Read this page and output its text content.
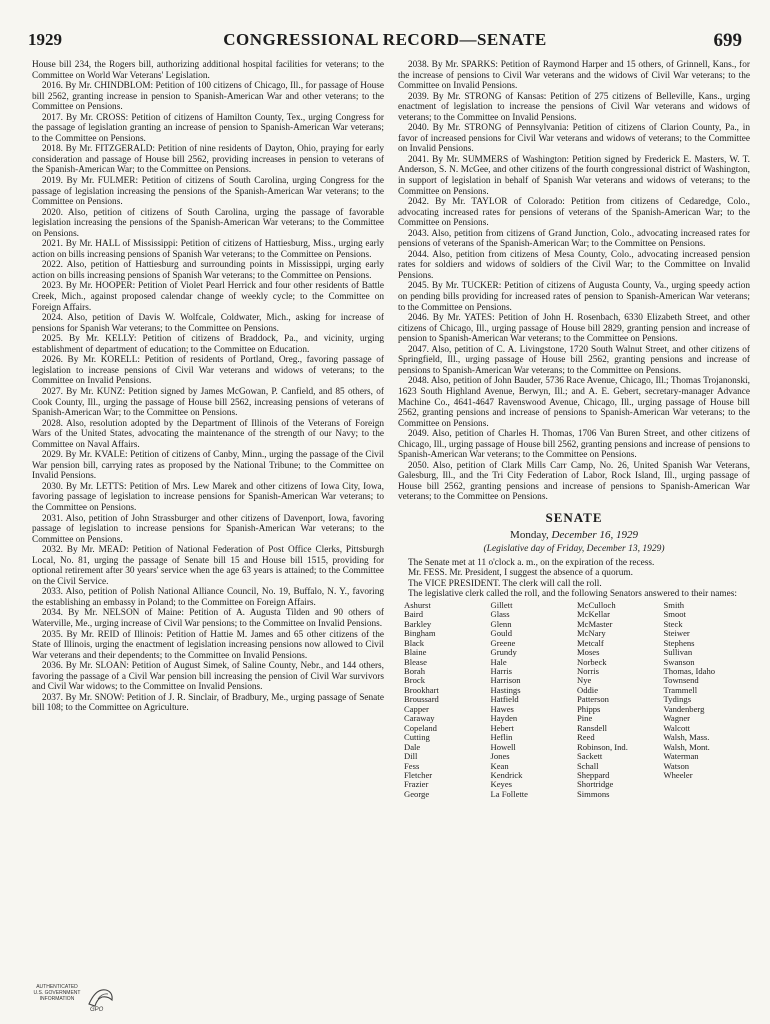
1929	CONGRESSIONAL RECORD—SENATE	699

House bill 234, the Rogers bill, authorizing additional hospital facilities for veterans; to the Committee on World War Veterans' Legislation.

2016. By Mr. CHINDBLOM: Petition of 100 citizens of Chicago, Ill., for passage of House bill 2562, granting increase in pension to Spanish-American War and other veterans; to the Committee on Pensions.

2017. By Mr. CROSS: Petition of citizens of Hamilton County, Tex., urging Congress for the passage of legislation granting an increase of pension to Spanish-American War veterans; to the Committee on Pensions.

2018. By Mr. FITZGERALD: Petition of nine residents of Dayton, Ohio, praying for early consideration and passage of House bill 2562, providing increases in pension to veterans of the Spanish-American War; to the Committee on Pensions.

2019. By Mr. FULMER: Petition of citizens of South Carolina, urging Congress for the passage of legislation increasing the pensions of the Spanish-American War veterans; to the Committee on Pensions.

2020. Also, petition of citizens of South Carolina, urging the passage of favorable legislation increasing the pensions of the Spanish-American War veterans; to the Committee on Pensions.

2021. By Mr. HALL of Mississippi: Petition of citizens of Hattiesburg, Miss., urging early action on bills increasing pensions of Spanish War veterans; to the Committee on Pensions.

2022. Also, petition of Hattiesburg and surrounding points in Mississippi, urging early action on bills increasing pensions of Spanish War veterans; to the Committee on Pensions.

2023. By Mr. HOOPER: Petition of Violet Pearl Herrick and four other residents of Battle Creek, Mich., against proposed calendar change of weekly cycle; to the Committee on Foreign Affairs.

2024. Also, petition of Davis W. Wolfcale, Coldwater, Mich., asking for increase of pensions for Spanish War veterans; to the Committee on Pensions.

2025. By Mr. KELLY: Petition of citizens of Braddock, Pa., and vicinity, urging establishment of department of education; to the Committee on Education.

2026. By Mr. KORELL: Petition of residents of Portland, Oreg., favoring passage of legislation to increase pensions of Civil War veterans and widows of veterans; to the Committee on Invalid Pensions.

2027. By Mr. KUNZ: Petition signed by James McGowan, P. Canfield, and 85 others, of Cook County, Ill., urging the passage of House bill 2562, increasing pensions of veterans of Spanish-American War; to the Committee on Pensions.

2028. Also, resolution adopted by the Department of Illinois of the Veterans of Foreign Wars of the United States, advocating the maintenance of the strength of our Navy; to the Committee on Naval Affairs.

2029. By Mr. KVALE: Petition of citizens of Canby, Minn., urging the passage of the Civil War pension bill, carrying rates as proposed by the National Tribune; to the Committee on Invalid Pensions.

2030. By Mr. LETTS: Petition of Mrs. Lew Marek and other citizens of Iowa City, Iowa, favoring passage of legislation to increase pensions for Spanish-American War veterans; to the Committee on Pensions.

2031. Also, petition of John Strassburger and other citizens of Davenport, Iowa, favoring passage of legislation to increase pensions for Spanish-American War veterans; to the Committee on Pensions.

2032. By Mr. MEAD: Petition of National Federation of Post Office Clerks, Pittsburgh Local, No. 81, urging the passage of Senate bill 15 and House bill 1515, providing for optional retirement after 30 years' service when the age 63 years is attained; to the Committee on the Civil Service.

2033. Also, petition of Polish National Alliance Council, No. 19, Buffalo, N. Y., favoring the establishing an embassy in Poland; to the Committee on Foreign Affairs.

2034. By Mr. NELSON of Maine: Petition of A. Augusta Tilden and 90 others of Waterville, Me., urging increase of Civil War pensions; to the Committee on Invalid Pensions.

2035. By Mr. REID of Illinois: Petition of Hattie M. James and 65 other citizens of the State of Illinois, urging the enactment of legislation increasing pensions now allowed to Civil War veterans and their dependents; to the Committee on Invalid Pensions.

2036. By Mr. SLOAN: Petition of August Simek, of Saline County, Nebr., and 144 others, favoring the passage of a Civil War pension bill increasing the pension of Civil War survivors and Civil War widows; to the Committee on Invalid Pensions.

2037. By Mr. SNOW: Petition of J. R. Sinclair, of Bradbury, Me., urging passage of Senate bill 108; to the Committee on Agriculture.

2038. By Mr. SPARKS: Petition of Raymond Harper and 15 others, of Grinnell, Kans., for the increase of pensions to Civil War veterans and the widows of Civil War veterans; to the Committee on Invalid Pensions.

2039. By Mr. STRONG of Kansas: Petition of 275 citizens of Belleville, Kans., urging enactment of legislation to increase the pensions of Civil War veterans and widows of veterans; to the Committee on Invalid Pensions.

2040. By Mr. STRONG of Pennsylvania: Petition of citizens of Clarion County, Pa., in favor of increased pensions for Civil War veterans and widows of veterans; to the Committee on Invalid Pensions.

2041. By Mr. SUMMERS of Washington: Petition signed by Frederick E. Masters, W. T. Anderson, S. N. McGee, and other citizens of the fourth congressional district of Washington, in support of legislation in behalf of Spanish War veterans and widows of veterans; to the Committee on Pensions.

2042. By Mr. TAYLOR of Colorado: Petition from citizens of Cedaredge, Colo., advocating increased rates for pensions of veterans of the Spanish-American War; to the Committee on Pensions.

2043. Also, petition from citizens of Grand Junction, Colo., advocating increased rates for pensions of veterans of the Spanish-American War; to the Committee on Pensions.

2044. Also, petition from citizens of Mesa County, Colo., advocating increased pension rates for soldiers and widows of soldiers of the Civil War; to the Committee on Invalid Pensions.

2045. By Mr. TUCKER: Petition of citizens of Augusta County, Va., urging speedy action on pending bills providing for increased rates of pension to Spanish-American War veterans; to the Committee on Pensions.

2046. By Mr. YATES: Petition of John H. Rosenbach, 6330 Elizabeth Street, and other citizens of Chicago, Ill., urging passage of House bill 2829, granting pension and increase of pension to Spanish-American War veterans; to the Committee on Pensions.

2047. Also, petition of C. A. Livingstone, 1720 South Walnut Street, and other citizens of Springfield, Ill., urging passage of House bill 2562, granting pensions and increase of pensions to Spanish-American War veterans; to the Committee on Pensions.

2048. Also, petition of John Bauder, 5736 Race Avenue, Chicago, Ill.; Thomas Trojanonski, 1623 South Highland Avenue, Berwyn, Ill.; and A. E. Gebert, secretary-manager Advance Machine Co., 4641-4647 Ravenswood Avenue, Chicago, Ill., urging passage of House bill 2562, granting pensions and increase of pensions to Spanish-American War veterans; to the Committee on Pensions.

2049. Also, petition of Charles H. Thomas, 1706 Van Buren Street, and other citizens of Chicago, Ill., urging passage of House bill 2562, granting pensions and increase of pensions to Spanish-American War veterans; to the Committee on Pensions.

2050. Also, petition of Clark Mills Carr Camp, No. 26, United Spanish War Veterans, Galesburg, Ill., and the Tri City Federation of Labor, Rock Island, Ill., urging passage of House bill 2562, granting pensions and increase of pensions to Spanish-American War veterans; to the Committee on Pensions.

SENATE
Monday, December 16, 1929
(Legislative day of Friday, December 13, 1929)

The Senate met at 11 o'clock a. m., on the expiration of the recess.

Mr. FESS. Mr. President, I suggest the absence of a quorum.

The VICE PRESIDENT. The clerk will call the roll.

The legislative clerk called the roll, and the following Senators answered to their names:

Ashurst
Baird
Barkley
Bingham
Black
Blaine
Blease
Borah
Brock
Brookhart
Broussard
Capper
Caraway
Copeland
Cutting
Dale
Dill
Fess
Fletcher
Frazier
George
Gillett
Glass
Glenn
Gould
Greene
Grundy
Hale
Harris
Harrison
Hastings
Hatfield
Hawes
Hayden
Hebert
Heflin
Howell
Jones
Kean
Kendrick
Keyes
La Follette
McCulloch
McKellar
McMaster
McNary
Metcalf
Moses
Norbeck
Norris
Nye
Oddie
Patterson
Phipps
Pine
Ransdell
Reed
Robinson, Ind.
Sackett
Schall
Sheppard
Shortridge
Simmons
Smith
Smoot
Steck
Steiwer
Stephens
Sullivan
Swanson
Thomas, Idaho
Townsend
Trammell
Tydings
Vandenberg
Wagner
Walcott
Walsh, Mass.
Walsh, Mont.
Waterman
Watson
Wheeler
AUTHENTICATED
U.S. GOVERNMENT
INFORMATION
GPO
